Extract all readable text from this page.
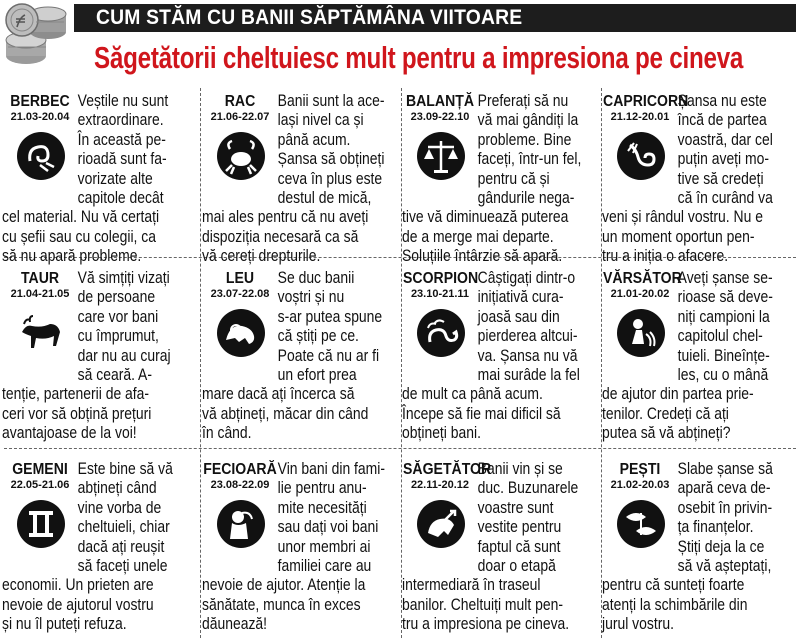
CUM STĂM CU BANII SĂPTĂMÂNA VIITOARE
Săgetătorii cheltuiesc mult pentru a impresiona pe cineva
BERBEC
21.03-20.04
Veștile nu sunt
extraordinare.
În această pe-
rioadă sunt fa-
vorizate alte
capitole decât
cel material. Nu vă certați
cu șefii sau cu colegii, ca
să nu apară probleme.
RAC
21.06-22.07
Banii sunt la ace-
lași nivel ca și
până acum.
Șansa să obțineți
ceva în plus este
destul de mică,
mai ales pentru că nu aveți
dispoziția necesară ca să
vă cereți drepturile.
BALANȚĂ
23.09-22.10
Preferați să nu
vă mai gândiți la
probleme. Bine
faceți, într-un fel,
pentru că și
gândurile nega-
tive vă diminuează puterea
de a merge mai departe.
Soluțiile întârzie să apară.
CAPRICORN
21.12-20.01
Șansa nu este
încă de partea
voastră, dar cel
puțin aveți mo-
tive să credeți
că în curând va
veni și rândul vostru. Nu e
un moment oportun pen-
tru a iniția o afacere.
TAUR
21.04-21.05
Vă simțiți vizați
de persoane
care vor bani
cu împrumut,
dar nu au curaj
să ceară. A-
tenție, partenerii de afa-
ceri vor să obțină prețuri
avantajoase de la voi!
LEU
23.07-22.08
Se duc banii
voștri și nu
s-ar putea spune
că știți pe ce.
Poate că nu ar fi
un efort prea
mare dacă ați încerca să
vă abțineți, măcar din când
în când.
SCORPION
23.10-21.11
Câștigați dintr-o
inițiativă cura-
joasă sau din
pierderea altcui-
va. Șansa nu vă
mai surâde la fel
de mult ca până acum.
Începe să fie mai dificil să
obțineți bani.
VĂRSĂTOR
21.01-20.02
Aveți șanse se-
rioase să deve-
niți campioni la
capitolul chel-
tuieli. Bineînțe-
les, cu o mână
de ajutor din partea prie-
tenilor. Credeți că ați
putea să vă abțineți?
GEMENI
22.05-21.06
Este bine să vă
abțineți când
vine vorba de
cheltuieli, chiar
dacă ați reușit
să faceți unele
economii. Un prieten are
nevoie de ajutorul vostru
și nu îl puteți refuza.
FECIOARĂ
23.08-22.09
Vin bani din fami-
lie pentru anu-
mite necesități
sau dați voi bani
unor membri ai
familiei care au
nevoie de ajutor. Atenție la
sănătate, munca în exces
dăunează!
SĂGETĂTOR
22.11-20.12
Banii vin și se
duc. Buzunarele
voastre sunt
vestite pentru
faptul că sunt
doar o etapă
intermediară în traseul
banilor. Cheltuiți mult pen-
tru a impresiona pe cineva.
PEȘTI
21.02-20.03
Slabe șanse să
apară ceva de-
osebit în privin-
ța finanțelor.
Știți deja la ce
să vă așteptați,
pentru că sunteți foarte
atenți la schimbările din
jurul vostru.
